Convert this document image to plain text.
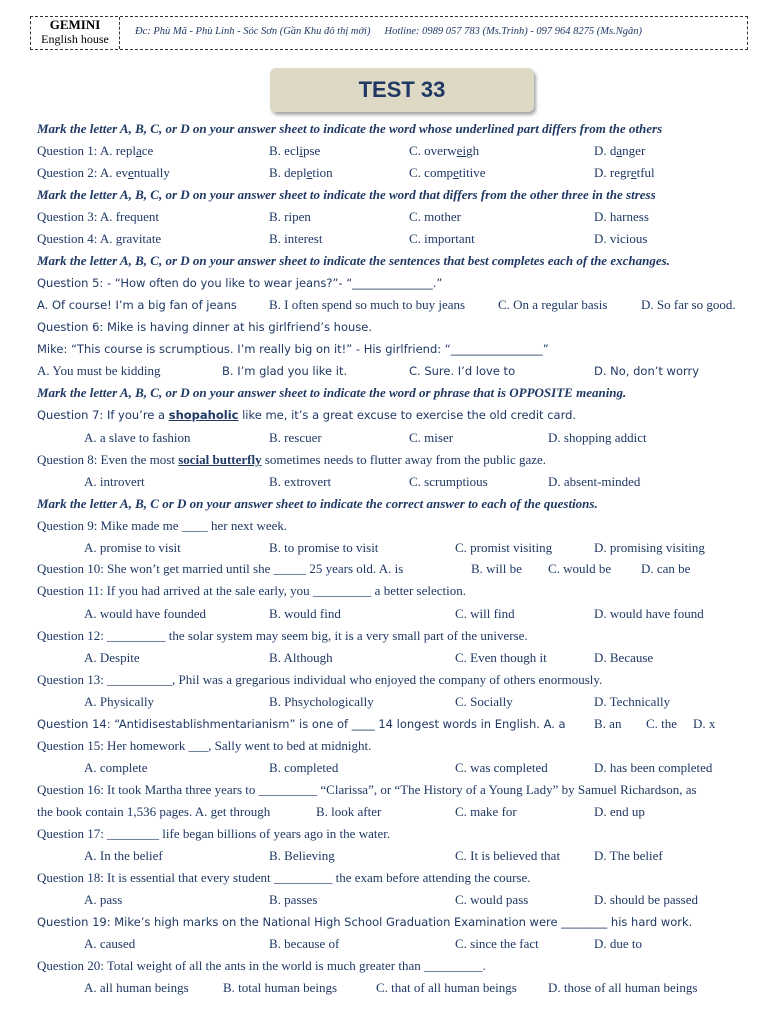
GEMINI
English house
Đc: Phù Mã - Phù Linh - Sóc Sơn (Gần Khu đô thị mới) Hotline: 0989 057 783 (Ms.Trinh) - 097 964 8275 (Ms.Ngân)
TEST 33
Mark the letter A, B, C, or D on your answer sheet to indicate the word whose underlined part differs from the others
Question 1: A. replace	B. eclipse	C. overweigh	D. danger
Question 2: A. eventually	B. depletion	C. competitive	D. regretful
Mark the letter A, B, C, or D on your answer sheet to indicate the word that differs from the other three in the stress
Question 3: A. frequent	B. ripen	C. mother	D. harness
Question 4: A. gravitate	B. interest	C. important	D. vicious
Mark the letter A, B, C, or D on your answer sheet to indicate the sentences that best completes each of the exchanges.
Question 5: - “How often do you like to wear jeans?”- “______________.”
A. Of course! I’m a big fan of jeans B. I often spend so much to buy jeans	C. On a regular basis	D. So far so good.
Question 6: Mike is having dinner at his girlfriend’s house.
Mike: “This course is scrumptious. I’m really big on it!” - His girlfriend: “________________”
A. You must be kidding	B. I’m glad you like it.	C. Sure. I’d love to	D. No, don’t worry
Mark the letter A, B, C, or D on your answer sheet to indicate the word or phrase that is OPPOSITE meaning.
Question 7: If you’re a shopaholic like me, it’s a great excuse to exercise the old credit card.
A. a slave to fashion	B. rescuer	C. miser	D. shopping addict
Question 8: Even the most social butterfly sometimes needs to flutter away from the public gaze.
A. introvert	B. extrovert	C. scrumptious	D. absent-minded
Mark the letter A, B, C or D on your answer sheet to indicate the correct answer to each of the questions.
Question 9: Mike made me ____ her next week.
A. promise to visit	B. to promise to visit	C. promist visiting	D. promising visiting
Question 10: She won’t get married until she _____ 25 years old. A. is	B. will be C. would be D. can be
Question 11: If you had arrived at the sale early, you _________ a better selection.
A. would have founded	B. would find	C. will find	D. would have found
Question 12: _________ the solar system may seem big, it is a very small part of the universe.
A. Despite	B. Although	C. Even though it	D. Because
Question 13: __________, Phil was a gregarious individual who enjoyed the company of others enormously.
A. Physically	B. Phsychologically	C. Socially	D. Technically
Question 14: “Antidisestablishmentarianism” is one of ____ 14 longest words in English. A. a B. an C. the D. x
Question 15: Her homework ___, Sally went to bed at midnight.
A. complete	B. completed	C. was completed	D. has been completed
Question 16: It took Martha three years to _________ “Clarissa”, or “The History of a Young Lady” by Samuel Richardson, as
the book contain 1,536 pages. A. get through	B. look after	C. make for	D. end up
Question 17: ________ life began billions of years ago in the water.
A. In the belief	B. Believing	C. It is believed that	D. The belief
Question 18: It is essential that every student _________ the exam before attending the course.
A. pass	B. passes	C. would pass	D. should be passed
Question 19: Mike’s high marks on the National High School Graduation Examination were ________ his hard work.
A. caused	B. because of	C. since the fact	D. due to
Question 20: Total weight of all the ants in the world is much greater than _________.
A. all human beings	B. total human beings	C. that of all human beings D. those of all human beings
